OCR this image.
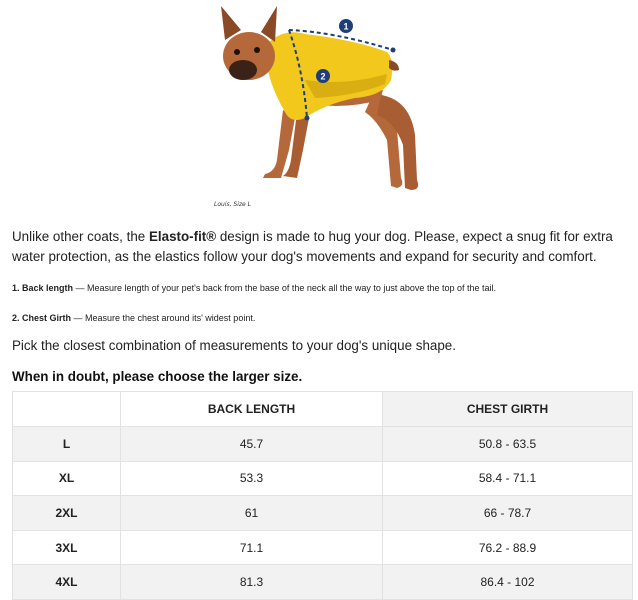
1
2
Louis, Size L

Unlike other coats, the Elasto-fit® design is made to hug your dog. Please, expect a snug fit for extra water protection, as the elastics follow your dog's movements and expand for security and comfort.

1. Back length — Measure length of your pet's back from the base of the neck all the way to just above the top of the tail.
2. Chest Girth — Measure the chest around its' widest point.
Pick the closest combination of measurements to your dog's unique shape.
When in doubt, please choose the larger size.
	BACK LENGTH	CHEST GIRTH
L	45.7	50.8 - 63.5
XL	53.3	58.4 - 71.1
2XL	61	66 - 78.7
3XL	71.1	76.2 - 88.9
4XL	81.3	86.4 - 102
